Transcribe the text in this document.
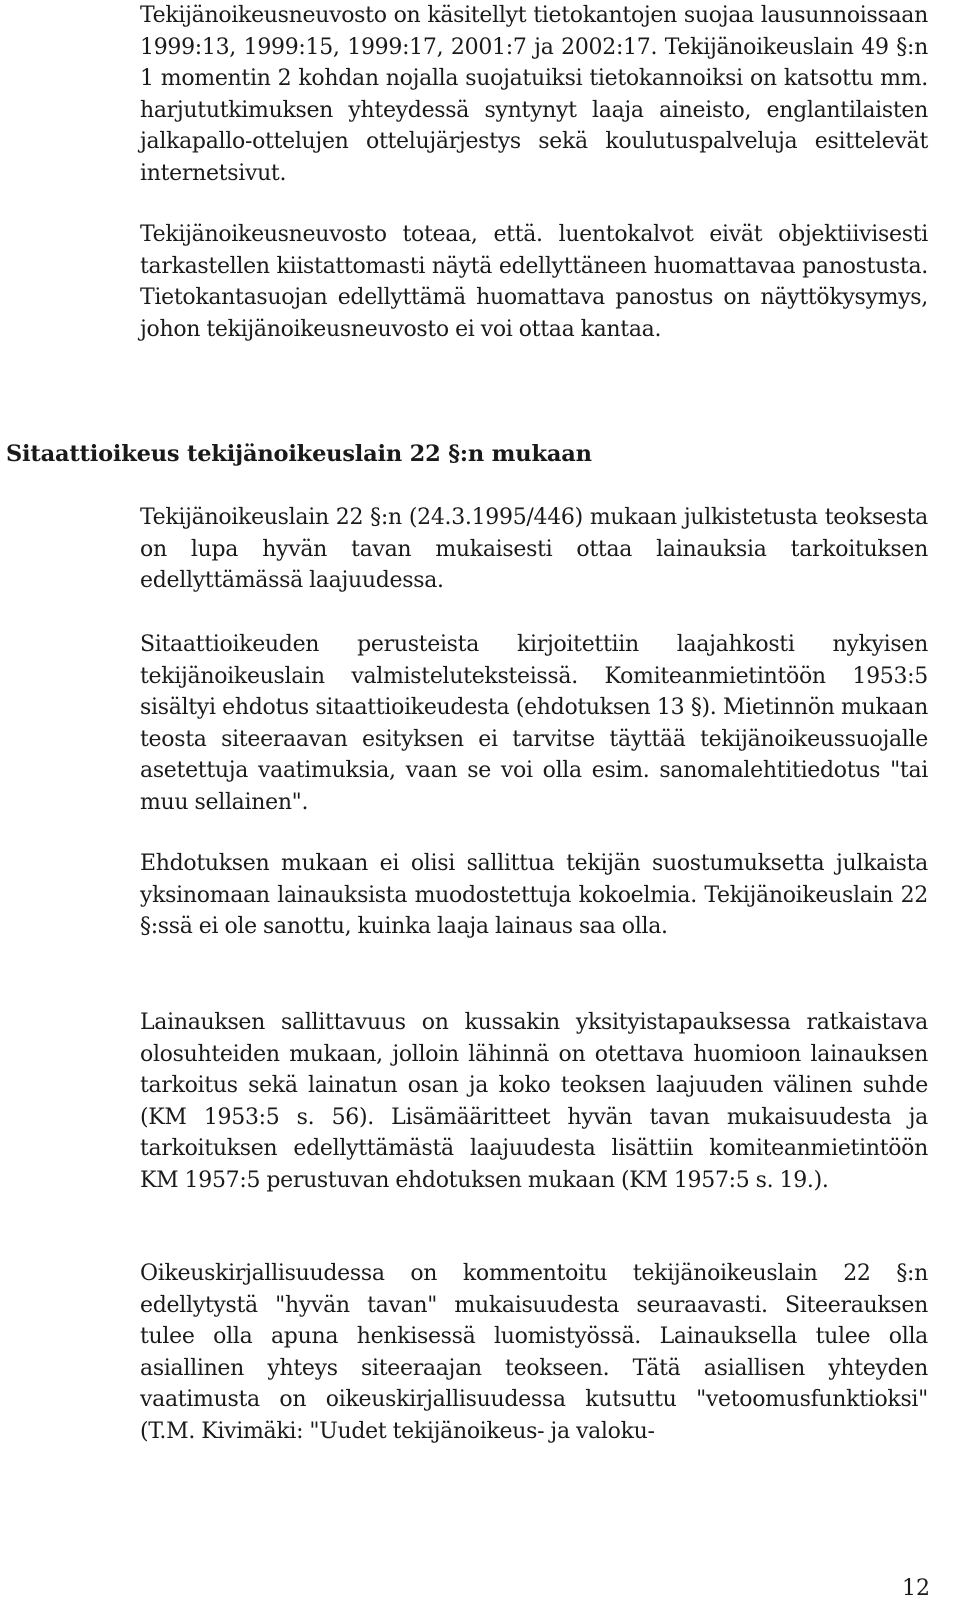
Tekijänoikeusneuvosto on käsitellyt tietokantojen suojaa lausunnoissaan 1999:13, 1999:15, 1999:17, 2001:7 ja 2002:17. Tekijänoikeuslain 49 §:n 1 momentin 2 kohdan nojalla suojatuiksi tietokannoiksi on katsottu mm. harjututkimuksen yhteydessä syntynyt laaja aineisto, englantilaisten jalkapallo-ottelujen ottelujärjestys sekä koulutuspalveluja esittelevät internetsivut.

Tekijänoikeusneuvosto toteaa, että. luentokalvot eivät objektiivisesti tarkastellen kiistattomasti näytä edellyttäneen huomattavaa panostusta. Tietokantasuojan edellyttämä huomattava panostus on näyttökysymys, johon tekijänoikeusneuvosto ei voi ottaa kantaa.

Sitaattioikeus tekijänoikeuslain 22 §:n mukaan

Tekijänoikeuslain 22 §:n (24.3.1995/446) mukaan julkistetusta teoksesta on lupa hyvän tavan mukaisesti ottaa lainauksia tarkoituksen edellyttämässä laajuudessa.

Sitaattioikeuden perusteista kirjoitettiin laajahkosti nykyisen tekijänoikeuslain valmisteluteksteissä. Komiteanmietintöön 1953:5 sisältyi ehdotus sitaattioikeudesta (ehdotuksen 13 §). Mietinnön mukaan teosta siteeraavan esityksen ei tarvitse täyttää tekijänoikeussuojalle asetettuja vaatimuksia, vaan se voi olla esim. sanomalehtitiedotus "tai muu sellainen".

Ehdotuksen mukaan ei olisi sallittua tekijän suostumuksetta julkaista yksinomaan lainauksista muodostettuja kokoelmia. Tekijänoikeuslain 22 §:ssä ei ole sanottu, kuinka laaja lainaus saa olla.

Lainauksen sallittavuus on kussakin yksityistapauksessa ratkaistava olosuhteiden mukaan, jolloin lähinnä on otettava huomioon lainauksen tarkoitus sekä lainatun osan ja koko teoksen laajuuden välinen suhde (KM 1953:5 s. 56). Lisämääritteet hyvän tavan mukaisuudesta ja tarkoituksen edellyttämästä laajuudesta lisättiin komiteanmietintöön KM 1957:5 perustuvan ehdotuksen mukaan (KM 1957:5 s. 19.).

Oikeuskirjallisuudessa on kommentoitu tekijänoikeuslain 22 §:n edellytystä "hyvän tavan" mukaisuudesta seuraavasti. Siteerauksen tulee olla apuna henkisessä luomistyössä. Lainauksella tulee olla asiallinen yhteys siteeraajan teokseen. Tätä asiallisen yhteyden vaatimusta on oikeuskirjallisuudessa kutsuttu "vetoomusfunktioksi" (T.M. Kivimäki: "Uudet tekijänoikeus- ja valoku-

12
